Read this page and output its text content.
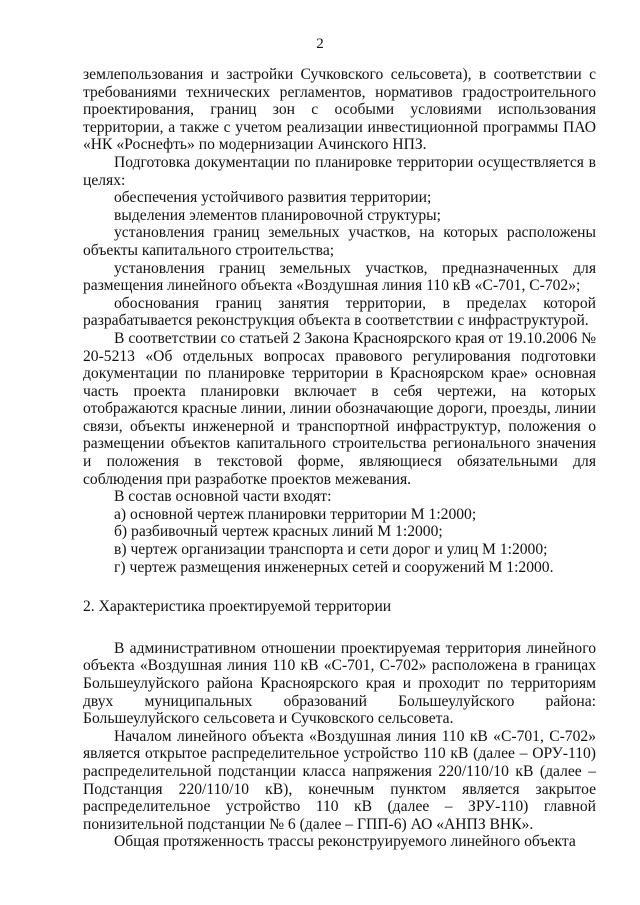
2

землепользования и застройки Сучковского сельсовета), в соответствии с требованиями технических регламентов, нормативов градостроительного проектирования, границ зон с особыми условиями использования территории, а также с учетом реализации инвестиционной программы ПАО «НК «Роснефть» по модернизации Ачинского НПЗ.

Подготовка документации по планировке территории осуществляется в целях:

обеспечения устойчивого развития территории;

выделения элементов планировочной структуры;

установления границ земельных участков, на которых расположены объекты капитального строительства;

установления границ земельных участков, предназначенных для размещения линейного объекта «Воздушная линия 110 кВ «С-701, С-702»;

обоснования границ занятия территории, в пределах которой разрабатывается реконструкция объекта в соответствии с инфраструктурой.

В соответствии со статьей 2 Закона Красноярского края от 19.10.2006 № 20-5213 «Об отдельных вопросах правового регулирования подготовки документации по планировке территории в Красноярском крае» основная часть проекта планировки включает в себя чертежи, на которых отображаются красные линии, линии обозначающие дороги, проезды, линии связи, объекты инженерной и транспортной инфраструктур, положения о размещении объектов капитального строительства регионального значения и положения в текстовой форме, являющиеся обязательными для соблюдения при разработке проектов межевания.

В состав основной части входят:

а) основной чертеж планировки территории М 1:2000;

б) разбивочный чертеж красных линий М 1:2000;

в) чертеж организации транспорта и сети дорог и улиц М 1:2000;

г) чертеж размещения инженерных сетей и сооружений М 1:2000.

2. Характеристика проектируемой территории

В административном отношении проектируемая территория линейного объекта «Воздушная линия 110 кВ «С-701, С-702» расположена в границах Большеулуйского района Красноярского края и проходит по территориям двух муниципальных образований Большеулуйского района: Большеулуйского сельсовета и Сучковского сельсовета.

Началом линейного объекта «Воздушная линия 110 кВ «С-701, С-702» является открытое распределительное устройство 110 кВ (далее – ОРУ-110) распределительной подстанции класса напряжения 220/110/10 кВ (далее – Подстанция 220/110/10 кВ), конечным пунктом является закрытое распределительное устройство 110 кВ (далее – ЗРУ-110) главной понизительной подстанции № 6 (далее – ГПП-6) АО «АНПЗ ВНК».

Общая протяженность трассы реконструируемого линейного объекта
